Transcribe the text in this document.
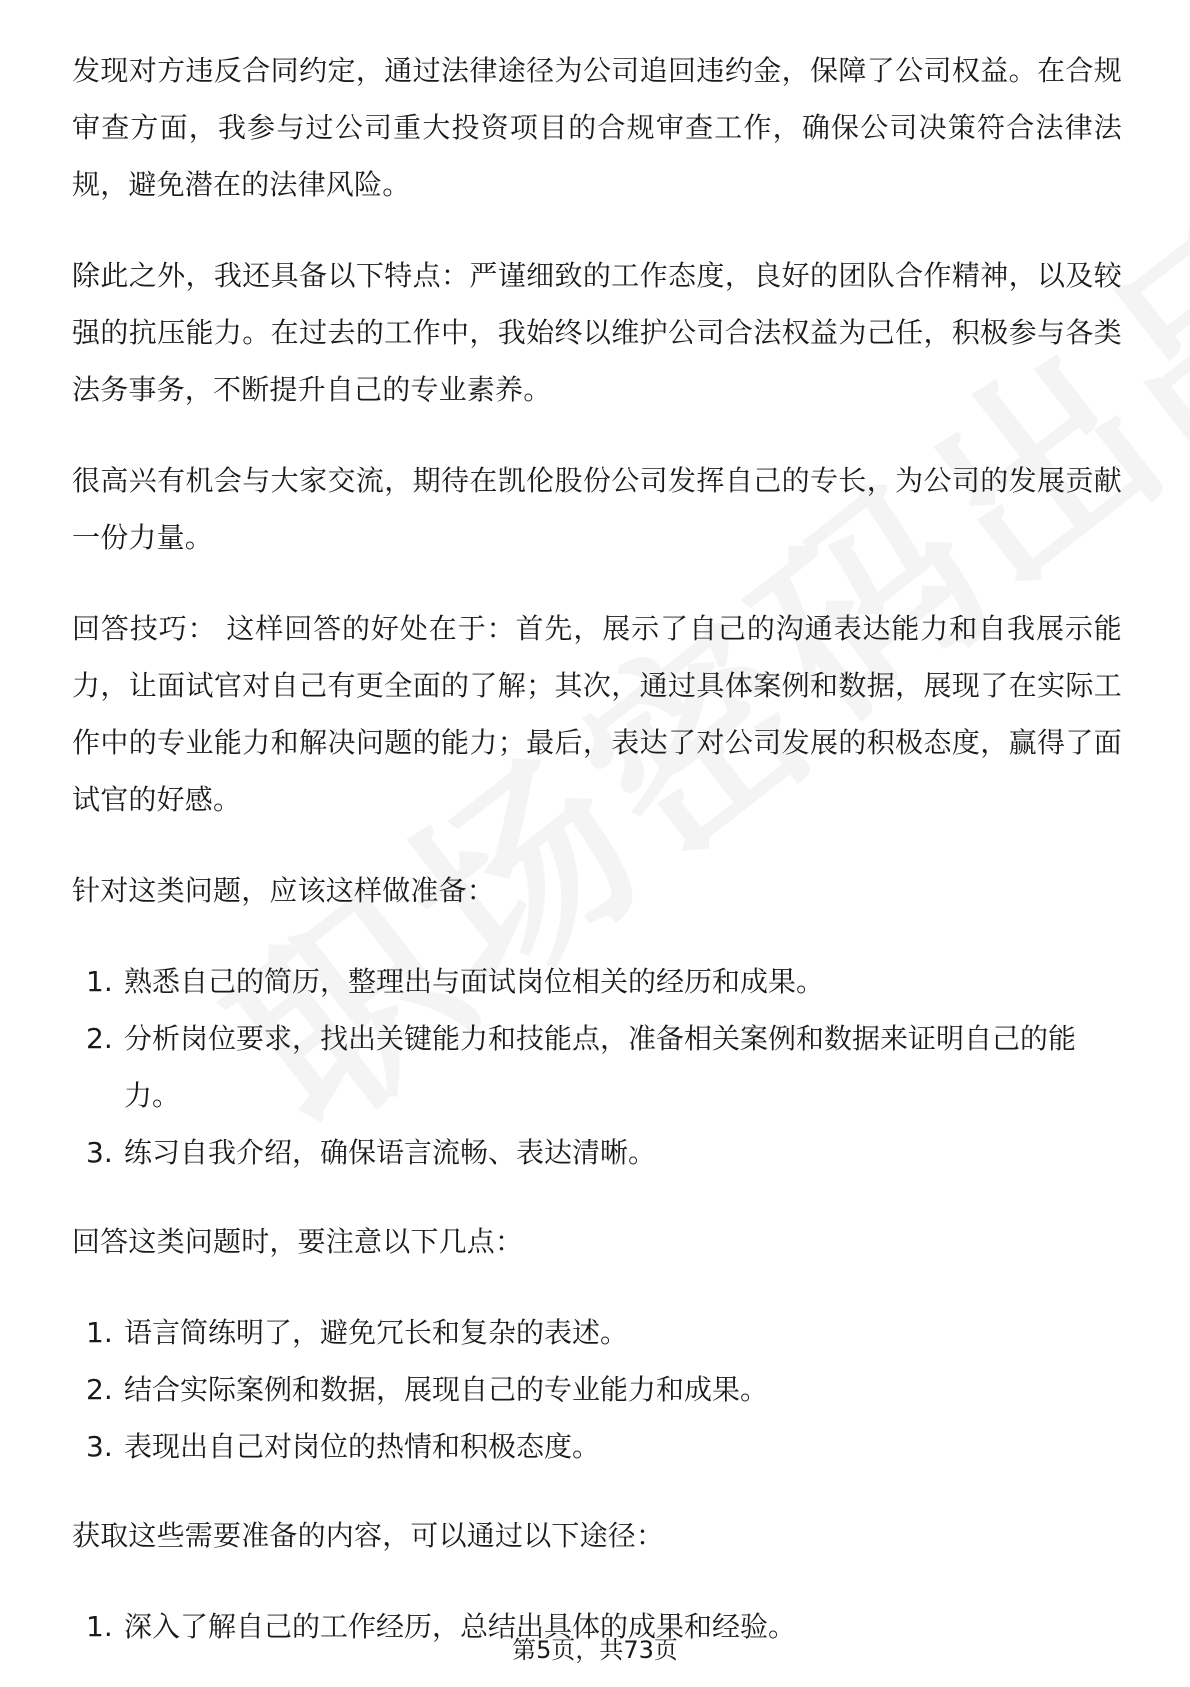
发现对方违反合同约定，通过法律途径为公司追回违约金，保障了公司权益。在合规审查方面，我参与过公司重大投资项目的合规审查工作，确保公司决策符合法律法规，避免潜在的法律风险。

除此之外，我还具备以下特点：严谨细致的工作态度，良好的团队合作精神，以及较强的抗压能力。在过去的工作中，我始终以维护公司合法权益为己任，积极参与各类法务事务，不断提升自己的专业素养。

很高兴有机会与大家交流，期待在凯伦股份公司发挥自己的专长，为公司的发展贡献一份力量。

回答技巧： 这样回答的好处在于：首先，展示了自己的沟通表达能力和自我展示能力，让面试官对自己有更全面的了解；其次，通过具体案例和数据，展现了在实际工作中的专业能力和解决问题的能力；最后，表达了对公司发展的积极态度，赢得了面试官的好感。

针对这类问题，应该这样做准备：

1. 熟悉自己的简历，整理出与面试岗位相关的经历和成果。
2. 分析岗位要求，找出关键能力和技能点，准备相关案例和数据来证明自己的能力。
3. 练习自我介绍，确保语言流畅、表达清晰。

回答这类问题时，要注意以下几点：

1. 语言简练明了，避免冗长和复杂的表述。
2. 结合实际案例和数据，展现自己的专业能力和成果。
3. 表现出自己对岗位的热情和积极态度。

获取这些需要准备的内容，可以通过以下途径：

1. 深入了解自己的工作经历，总结出具体的成果和经验。
第5页，共73页
